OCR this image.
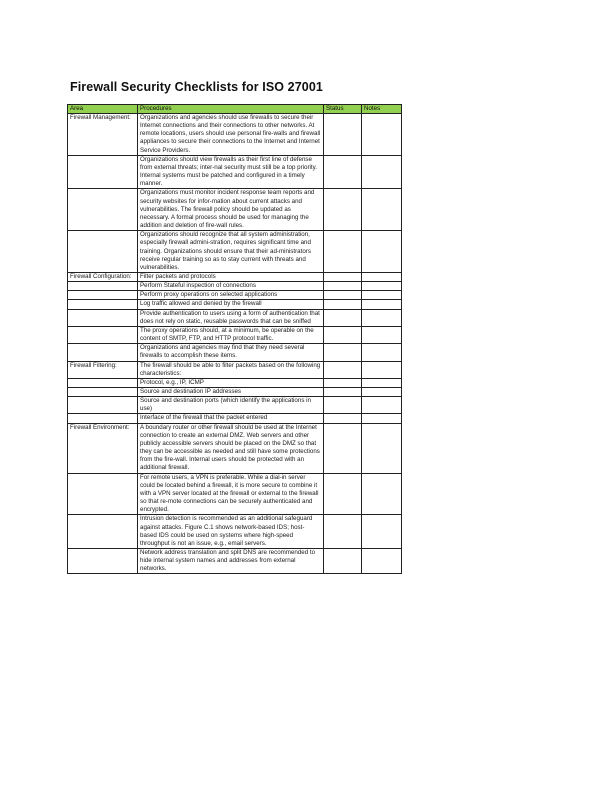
Firewall Security Checklists for ISO 27001
Area	Procedures	Status	Notes
Firewall Management:	Organizations and agencies should use firewalls to secure their Internet connections and their connections to other networks. At remote locations, users should use personal fire-walls and firewall appliances to secure their connections to the Internet and Internet Service Providers.		
	Organizations should view firewalls as their first line of defense from external threats; inter-nal security must still be a top priority. Internal systems must be patched and configured in a timely manner.		
	Organizations must monitor incident response team reports and security websites for infor-mation about current attacks and vulnerabilities. The firewall policy should be updated as necessary. A formal process should be used for managing the addition and deletion of fire-wall rules.		
	Organizations should recognize that all system administration, especially firewall admini-stration, requires significant time and training. Organizations should ensure that their ad-ministrators receive regular training so as to stay current with threats and vulnerabilities.		
Firewall Configuration:	Filter packets and protocols		
	Perform Stateful inspection of connections		
	Perform proxy operations on selected applications		
	Log traffic allowed and denied by the firewall		
	Provide authentication to users using a form of authentication that does not rely on static, reusable passwords that can be sniffed		
	The proxy operations should, at a minimum, be operable on the content of SMTP, FTP, and HTTP protocol traffic.		
	Organizations and agencies may find that they need several firewalls to accomplish these items.		
Firewall Filtering:	The firewall should be able to filter packets based on the following characteristics:		
	Protocol, e.g., IP, ICMP		
	Source and destination IP addresses		
	Source and destination ports (which identify the applications in use)		
	Interface of the firewall that the packet entered		
Firewall Environment:	A boundary router or other firewall should be used at the Internet connection to create an external DMZ. Web servers and other publicly accessible servers should be placed on the DMZ so that they can be accessible as needed and still have some protections from the fire-wall. Internal users should be protected with an additional firewall.		
	For remote users, a VPN is preferable. While a dial-in server could be located behind a firewall, it is more secure to combine it with a VPN server located at the firewall or external to the firewall so that re-mote connections can be securely authenticated and encrypted.		
	Intrusion detection is recommended as an additional safeguard against attacks. Figure C.1 shows network-based IDS; host-based IDS could be used on systems where high-speed throughput is not an issue, e.g., email servers.		
	Network address translation and split DNS are recommended to hide internal system names and addresses from external networks.		
